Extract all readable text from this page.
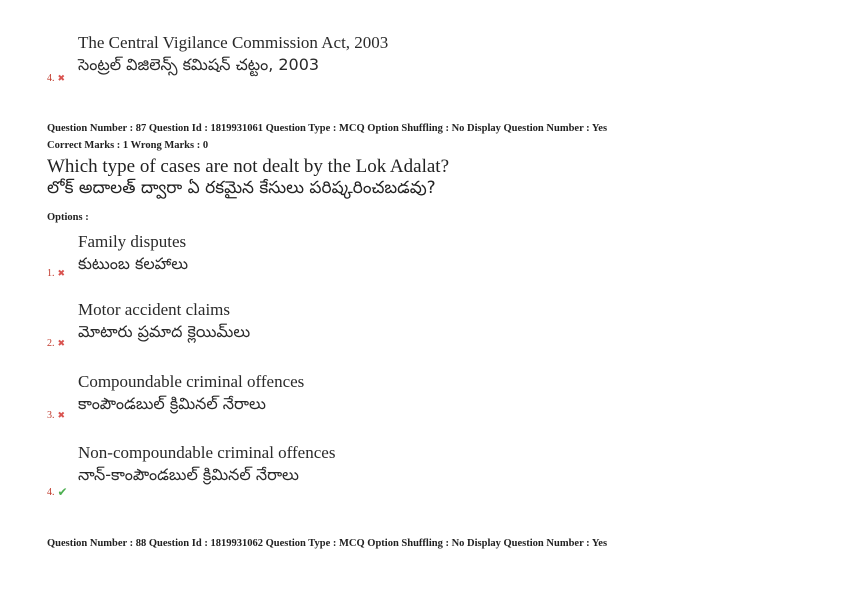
The Central Vigilance Commission Act, 2003
సెంట్రల్ విజిలెన్స్ కమిషన్ చట్టం, 2003
4. ✖
Question Number : 87 Question Id : 1819931061 Question Type : MCQ Option Shuffling : No Display Question Number : Yes
Correct Marks : 1 Wrong Marks : 0
Which type of cases are not dealt by the Lok Adalat?
లోక్ అదాలత్ ద్వారా ఏ రకమైన కేసులు పరిష్కరించబడవు?
Options :
Family disputes
కుటుంబ కలహాలు
1. ✖
Motor accident claims
మోటారు ప్రమాద క్లెయిమ్‌లు
2. ✖
Compoundable criminal offences
కాంపౌండబుల్ క్రిమినల్ నేరాలు
3. ✖
Non-compoundable criminal offences
నాన్-కాంపౌండబుల్ క్రిమినల్ నేరాలు
4. ✔
Question Number : 88 Question Id : 1819931062 Question Type : MCQ Option Shuffling : No Display Question Number : Yes
